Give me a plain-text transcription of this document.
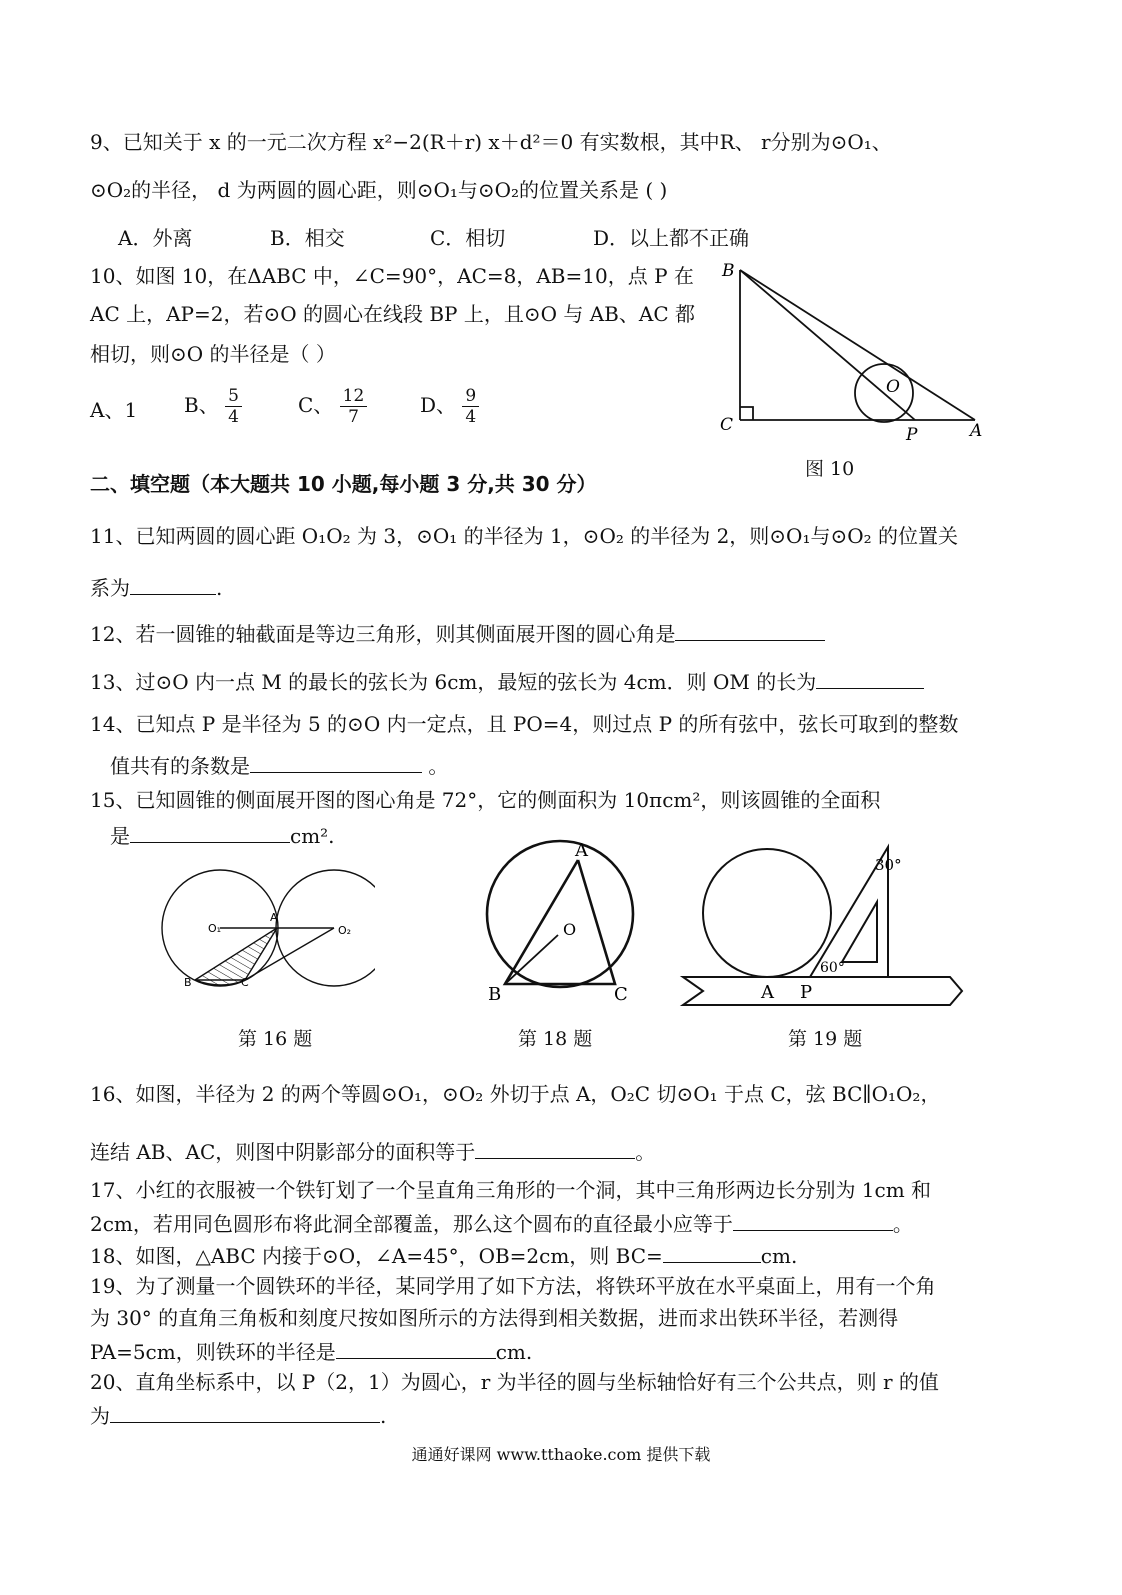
9、已知关于 x 的一元二次方程 x²−2(R＋r) x＋d²＝0 有实数根，其中R、 r分别为⊙O₁、
⊙O₂的半径， d 为两圆的圆心距，则⊙O₁与⊙O₂的位置关系是 ( )
A．外离	B．相交	C．相切	D．以上都不正确
10、如图 10，在ΔABC 中，∠C=90°，AC=8，AB=10，点 P 在
AC 上，AP=2，若⊙O 的圆心在线段 BP 上，且⊙O 与 AB、AC 都
相切，则⊙O 的半径是（ ）
A、1 B、 $\frac{5}{4}$	C、 $\frac{12}{7}$	D、 $\frac{9}{4}$
B
C	P	A
O
图 10
二、填空题（本大题共 10 小题,每小题 3 分,共 30 分）
11、已知两圆的圆心距 O₁O₂ 为 3，⊙O₁ 的半径为 1，⊙O₂ 的半径为 2，则⊙O₁与⊙O₂ 的位置关
系为	.
12、若一圆锥的轴截面是等边三角形，则其侧面展开图的圆心角是
13、过⊙O 内一点 M 的最长的弦长为 6cm，最短的弦长为 4cm．则 OM 的长为
14、已知点 P 是半径为 5 的⊙O 内一定点，且 PO=4，则过点 P 的所有弦中，弦长可取到的整数
值共有的条数是	。
15、已知圆锥的侧面展开图的图心角是 72°，它的侧面积为 10πcm²，则该圆锥的全面积
是	cm².
O₁
A
O₂
B	C
第 16 题
A
O
B	C
第 18 题
30°
60°
A P
第 19 题
16、如图，半径为 2 的两个等圆⊙O₁，⊙O₂ 外切于点 A，O₂C 切⊙O₁ 于点 C，弦 BC∥O₁O₂，
连结 AB、AC，则图中阴影部分的面积等于	。
17、小红的衣服被一个铁钉划了一个呈直角三角形的一个洞，其中三角形两边长分别为 1cm 和
2cm，若用同色圆形布将此洞全部覆盖，那么这个圆布的直径最小应等于	。
18、如图，△ABC 内接于⊙O，∠A=45°，OB=2cm，则 BC=	cm.
19、为了测量一个圆铁环的半径，某同学用了如下方法，将铁环平放在水平桌面上，用有一个角
为 30° 的直角三角板和刻度尺按如图所示的方法得到相关数据，进而求出铁环半径，若测得
PA=5cm，则铁环的半径是	cm.
20、直角坐标系中，以 P（2，1）为圆心，r 为半径的圆与坐标轴恰好有三个公共点，则 r 的值
为	.
通通好课网 www.tthaoke.com 提供下载
